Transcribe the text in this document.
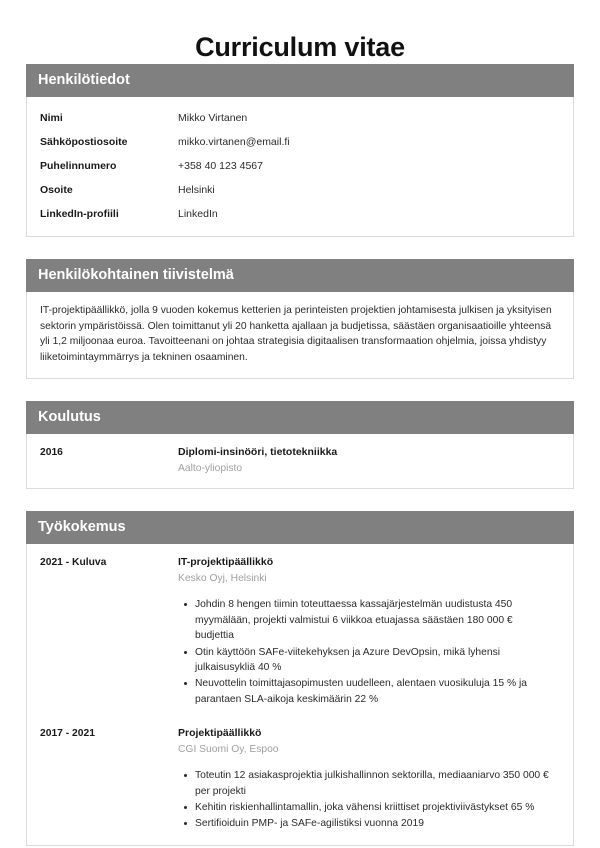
Curriculum vitae
Henkilötiedot
Nimi	Mikko Virtanen
Sähköpostiosoite	mikko.virtanen@email.fi
Puhelinnumero	+358 40 123 4567
Osoite	Helsinki
LinkedIn-profiili	LinkedIn
Henkilökohtainen tiivistelmä

IT-projektipäällikkö, jolla 9 vuoden kokemus ketterien ja perinteisten projektien johtamisesta julkisen ja yksityisen sektorin ympäristöissä. Olen toimittanut yli 20 hanketta ajallaan ja budjetissa, säästäen organisaatioille yhteensä yli 1,2 miljoonaa euroa. Tavoitteenani on johtaa strategisia digitaalisen transformaation ohjelmia, joissa yhdistyy liiketoimintaymmärrys ja tekninen osaaminen.

Koulutus
2016	Diplomi-insinööri, tietotekniikka
Aalto-yliopisto
Työkokemus
2021 - Kuluva	IT-projektipäällikkö
Kesko Oyj, Helsinki
Johdin 8 hengen tiimin toteuttaessa kassajärjestelmän uudistusta 450 myymälään, projekti valmistui 6 viikkoa etuajassa säästäen 180 000 € budjettia
Otin käyttöön SAFe-viitekehyksen ja Azure DevOpsin, mikä lyhensi julkaisusykliä 40 %
Neuvottelin toimittajasopimusten uudelleen, alentaen vuosikuluja 15 % ja parantaen SLA-aikoja keskimäärin 22 %
2017 - 2021	Projektipäällikkö
CGI Suomi Oy, Espoo
Toteutin 12 asiakasprojektia julkishallinnon sektorilla, mediaaniarvo 350 000 € per projekti
Kehitin riskienhallintamallin, joka vähensi kriittiset projektiviivästykset 65 %
Sertifioiduin PMP- ja SAFe-agilistiksi vuonna 2019
